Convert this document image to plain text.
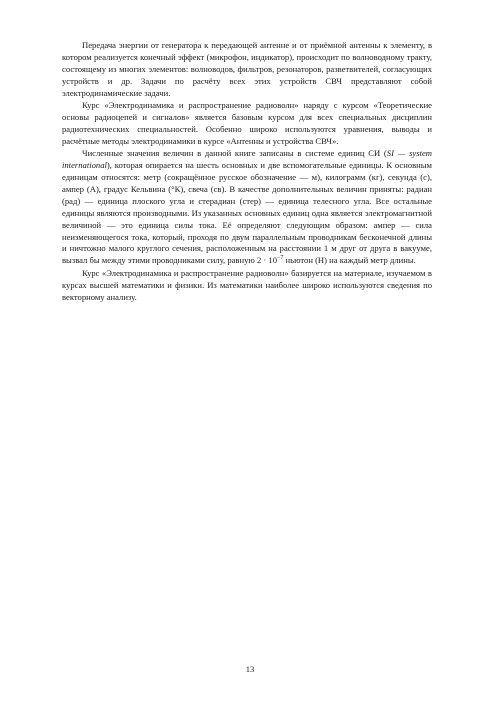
Передача энергии от генератора к передающей антенне и от приёмной антенны к элементу, в котором реализуется конечный эффект (микрофон, индикатор), происходит по волноводному тракту, состоящему из многих элементов: волноводов, фильтров, резонаторов, разветвителей, согласующих устройств и др. Задачи по расчёту всех этих устройств СВЧ представляют собой электродинамические задачи.

Курс «Электродинамика и распространение радиоволн» наряду с курсом «Теоретические основы радиоцепей и сигналов» является базовым курсом для всех специальных дисциплин радиотехнических специальностей. Особенно широко используются уравнения, выводы и расчётные методы электродинамики в курсе «Антенны и устройства СВЧ».

Численные значения величин в данной книге записаны в системе единиц СИ (SI — system international), которая опирается на шесть основных и две вспомогательные единицы. К основным единицам относятся: метр (сокращённое русское обозначение — м), килограмм (кг), секунда (с), ампер (А), градус Кельвина (°К), свеча (св). В качестве дополнительных величин приняты: радиан (рад) — единица плоского угла и стерадиан (стер) — единица телесного угла. Все остальные единицы являются производными. Из указанных основных единиц одна является электромагнитной величиной — это единица силы тока. Её определяют следующим образом: ампер — сила неизменяющегося тока, который, проходя по двум параллельным проводникам бесконечной длины и ничтожно малого круглого сечения, расположенным на расстоянии 1 м друг от друга в вакууме, вызвал бы между этими проводниками силу, равную $2 \cdot 10^{-7}$ ньютон (Н) на каждый метр длины.

Курс «Электродинамика и распространение радиоволн» базируется на материале, изучаемом в курсах высшей математики и физики. Из математики наиболее широко используются сведения по векторному анализу.

13
